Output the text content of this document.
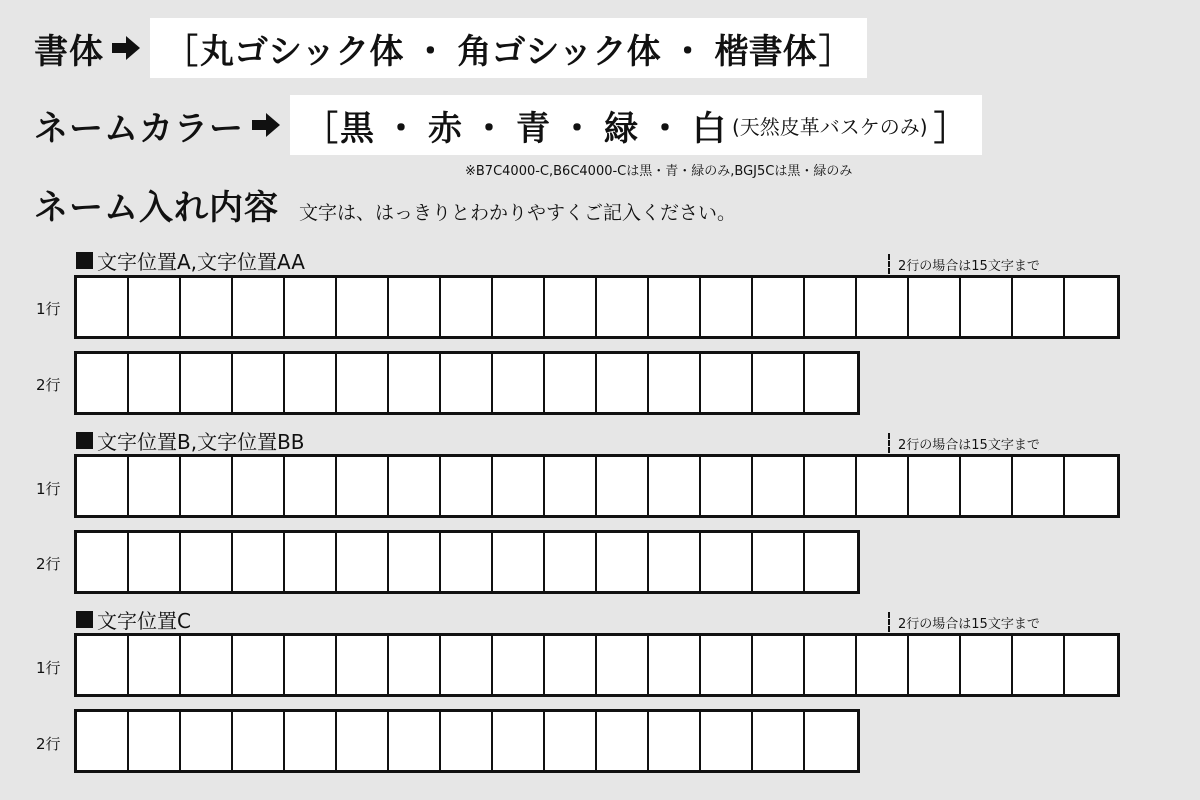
書体 ［ 丸ゴシック体 ・ 角ゴシック体 ・ 楷書体 ］
ネームカラー ［ 黒 ・ 赤 ・ 青 ・ 緑 ・ 白 (天然皮革バスケのみ) ］
※B7C4000-C,B6C4000-Cは黒・青・緑のみ,BGJ5Cは黒・緑のみ
ネーム入れ内容 文字は、はっきりとわかりやすくご記入ください。
文字位置A,文字位置AA	2行の場合は15文字まで
1行
2行
文字位置B,文字位置BB	2行の場合は15文字まで
1行
2行
文字位置C	2行の場合は15文字まで
1行
2行
